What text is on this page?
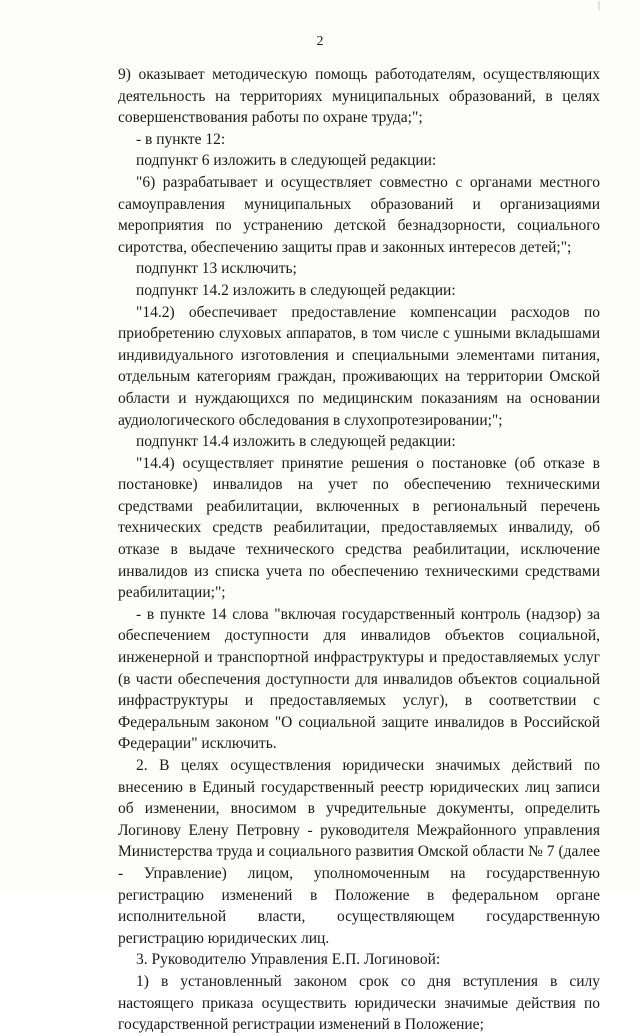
|
2

9) оказывает методическую помощь работодателям, осуществляющих деятельность на территориях муниципальных образований, в целях совершенствования работы по охране труда;";

- в пункте 12:

подпункт 6 изложить в следующей редакции:

"6) разрабатывает и осуществляет совместно с органами местного самоуправления муниципальных образований и организациями мероприятия по устранению детской безнадзорности, социального сиротства, обеспечению защиты прав и законных интересов детей;";

подпункт 13 исключить;

подпункт 14.2 изложить в следующей редакции:

"14.2) обеспечивает предоставление компенсации расходов по приобретению слуховых аппаратов, в том числе с ушными вкладышами индивидуального изготовления и специальными элементами питания, отдельным категориям граждан, проживающих на территории Омской области и нуждающихся по медицинским показаниям на основании аудиологического обследования в слухопротезировании;";

подпункт 14.4 изложить в следующей редакции:

"14.4) осуществляет принятие решения о постановке (об отказе в постановке) инвалидов на учет по обеспечению техническими средствами реабилитации, включенных в региональный перечень технических средств реабилитации, предоставляемых инвалиду, об отказе в выдаче технического средства реабилитации, исключение инвалидов из списка учета по обеспечению техническими средствами реабилитации;";

- в пункте 14 слова "включая государственный контроль (надзор) за обеспечением доступности для инвалидов объектов социальной, инженерной и транспортной инфраструктуры и предоставляемых услуг (в части обеспечения доступности для инвалидов объектов социальной инфраструктуры и предоставляемых услуг), в соответствии с Федеральным законом "О социальной защите инвалидов в Российской Федерации" исключить.

2. В целях осуществления юридически значимых действий по внесению в Единый государственный реестр юридических лиц записи об изменении, вносимом в учредительные документы, определить Логинову Елену Петровну - руководителя Межрайонного управления Министерства труда и социального развития Омской области № 7 (далее - Управление) лицом, уполномоченным на государственную регистрацию изменений в Положение в федеральном органе исполнительной власти, осуществляющем государственную регистрацию юридических лиц.

3. Руководителю Управления Е.П. Логиновой:

1) в установленный законом срок со дня вступления в силу настоящего приказа осуществить юридически значимые действия по государственной регистрации изменений в Положение;
